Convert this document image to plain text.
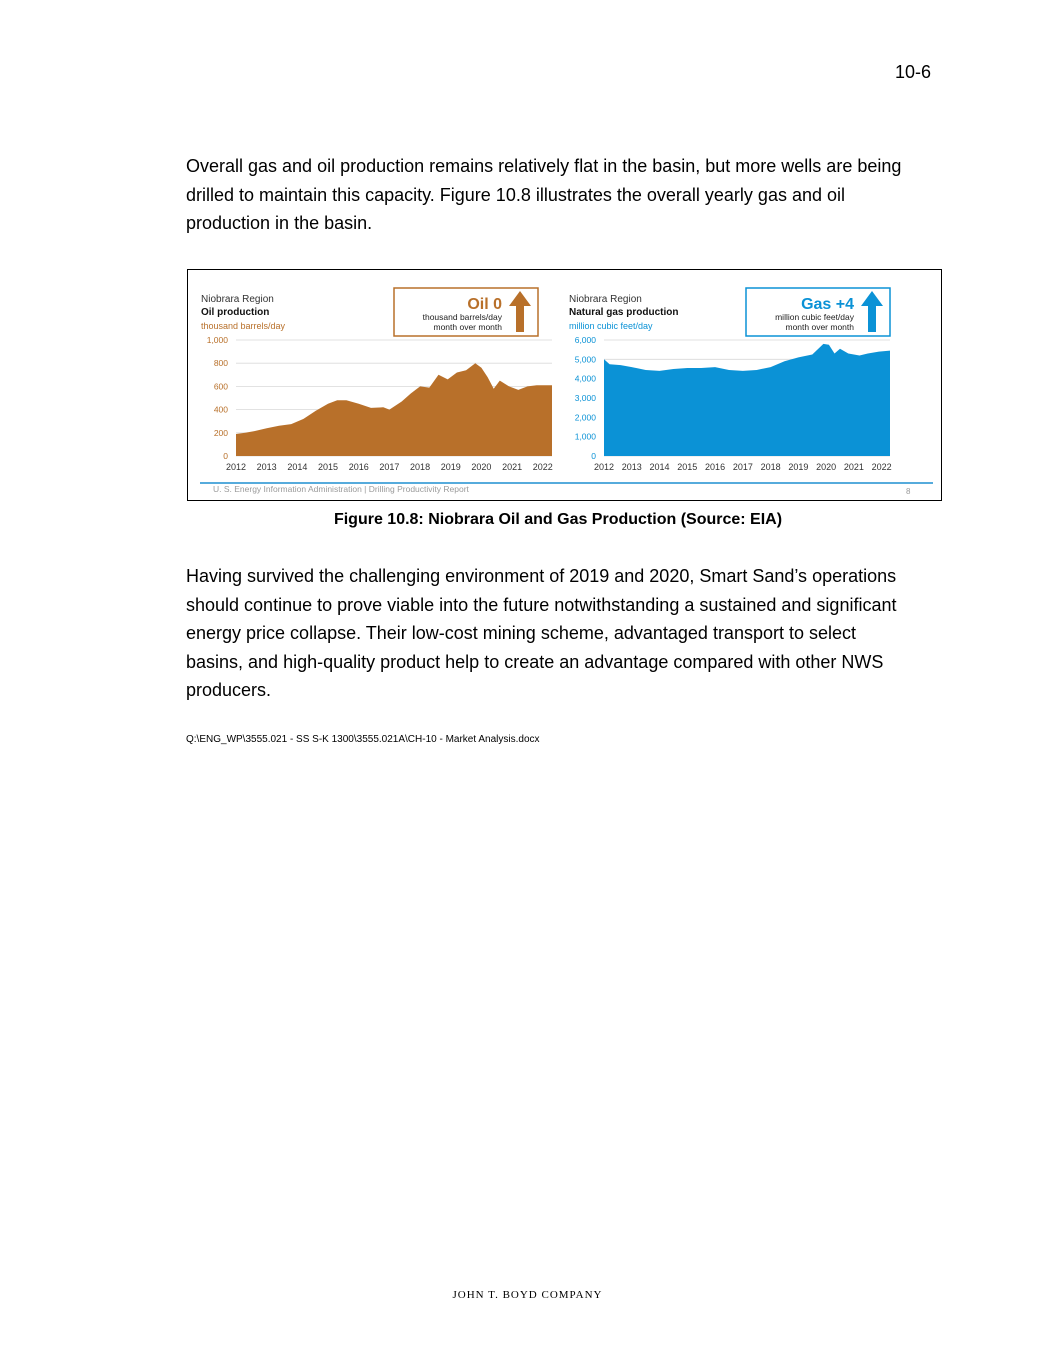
10-6

Overall gas and oil production remains relatively flat in the basin, but more wells are being drilled to maintain this capacity. Figure 10.8 illustrates the overall yearly gas and oil production in the basin.

Niobrara Region
Oil production
thousand barrels/day
0
200
400
600
800
1,000
2012 2013 2014 2015 2016 2017 2018 2019 2020 2021 2022
Oil 0
thousand barrels/day
month over month
Niobrara Region
Natural gas production
million cubic feet/day
0
1,000
2,000
3,000
4,000
5,000
6,000
2012 2013 2014 2015 2016 2017 2018 2019 2020 2021 2022
Gas +4
million cubic feet/day
month over month
U. S. Energy Information Administration | Drilling Productivity Report	8
Figure 10.8: Niobrara Oil and Gas Production (Source: EIA)

Having survived the challenging environment of 2019 and 2020, Smart Sand’s operations should continue to prove viable into the future notwithstanding a sustained and significant energy price collapse. Their low-cost mining scheme, advantaged transport to select basins, and high-quality product help to create an advantage compared with other NWS producers.

Q:\ENG_WP\3555.021 - SS S-K 1300\3555.021A\CH-10 - Market Analysis.docx
JOHN T. BOYD COMPANY
